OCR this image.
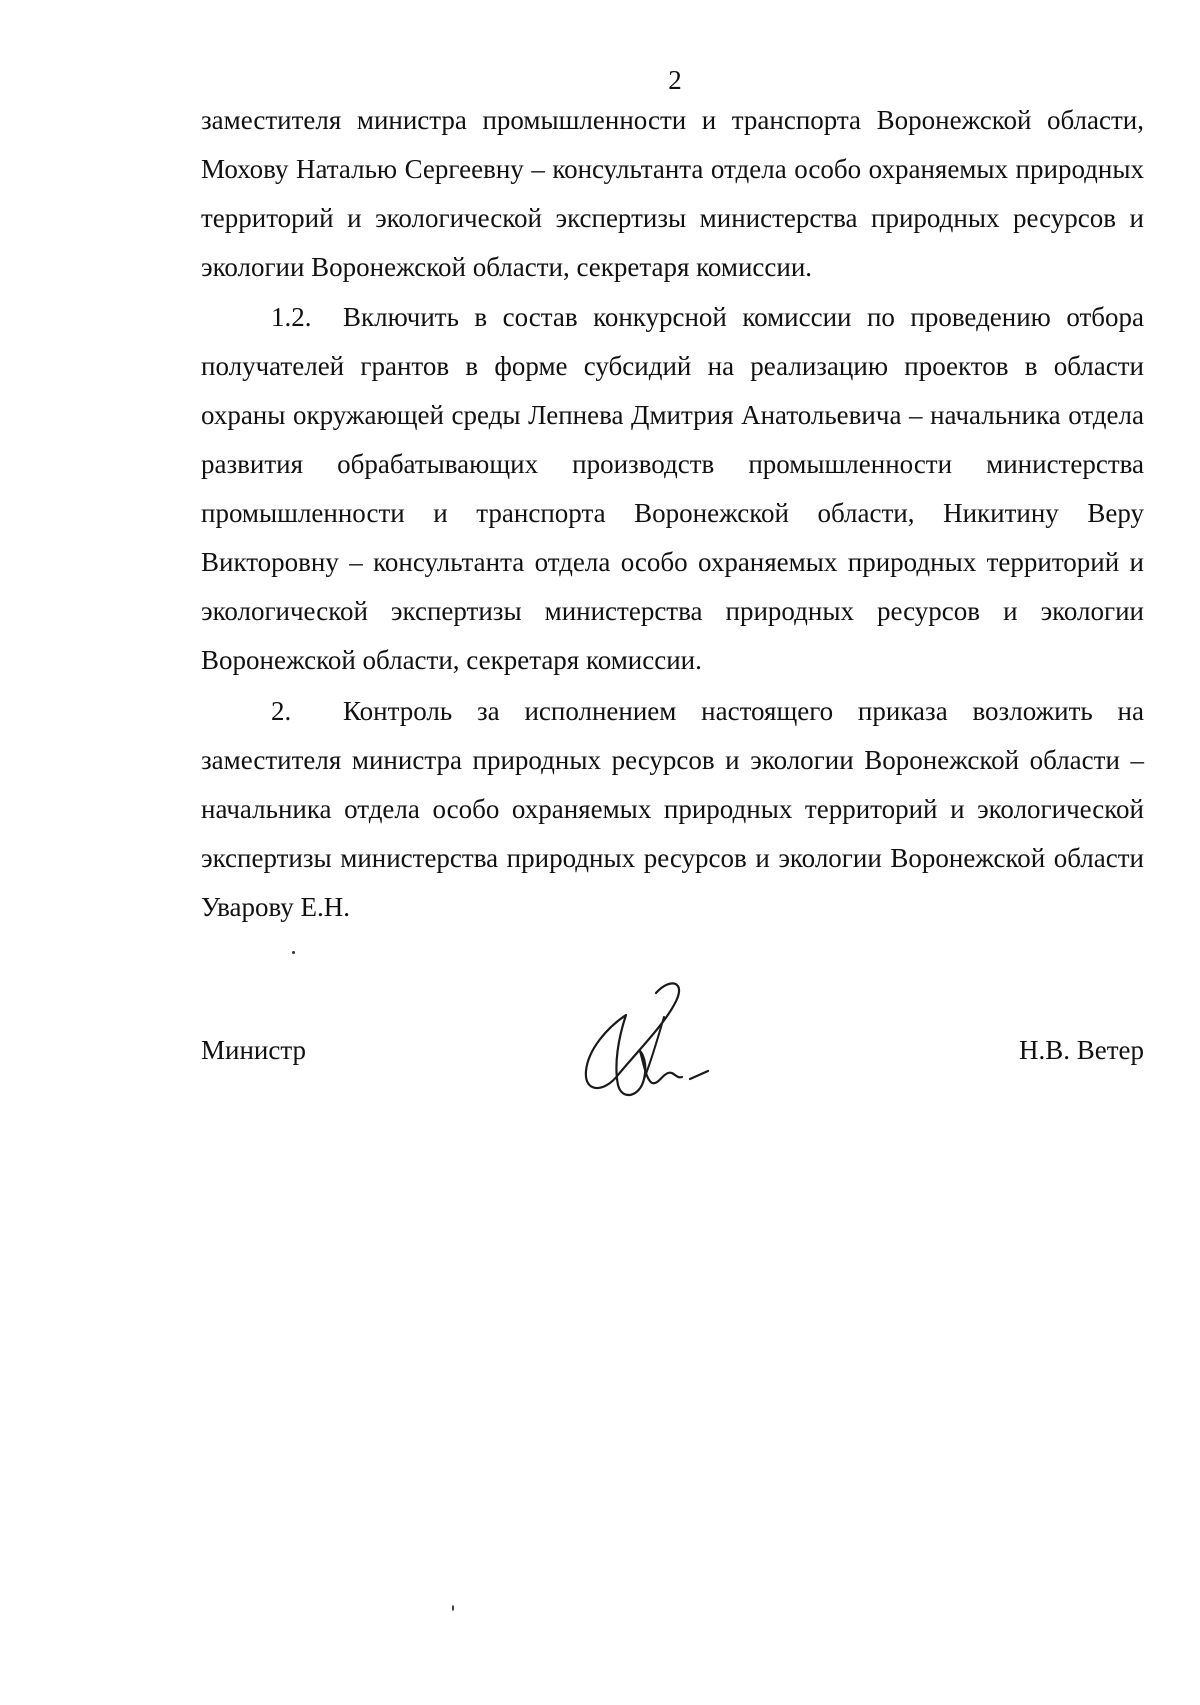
2

заместителя министра промышленности и транспорта Воронежской области, Мохову Наталью Сергеевну – консультанта отдела особо охраняемых природных территорий и экологической экспертизы министерства природных ресурсов и экологии Воронежской области, секретаря комиссии.

1.2. Включить в состав конкурсной комиссии по проведению отбора получателей грантов в форме субсидий на реализацию проектов в области охраны окружающей среды Лепнева Дмитрия Анатольевича – начальника отдела развития обрабатывающих производств промышленности министерства промышленности и транспорта Воронежской области, Никитину Веру Викторовну – консультанта отдела особо охраняемых природных территорий и экологической экспертизы министерства природных ресурсов и экологии Воронежской области, секретаря комиссии.

2. Контроль за исполнением настоящего приказа возложить на заместителя министра природных ресурсов и экологии Воронежской области – начальника отдела особо охраняемых природных территорий и экологической экспертизы министерства природных ресурсов и экологии Воронежской области Уварову Е.Н.

Министр	Н.В. Ветер
